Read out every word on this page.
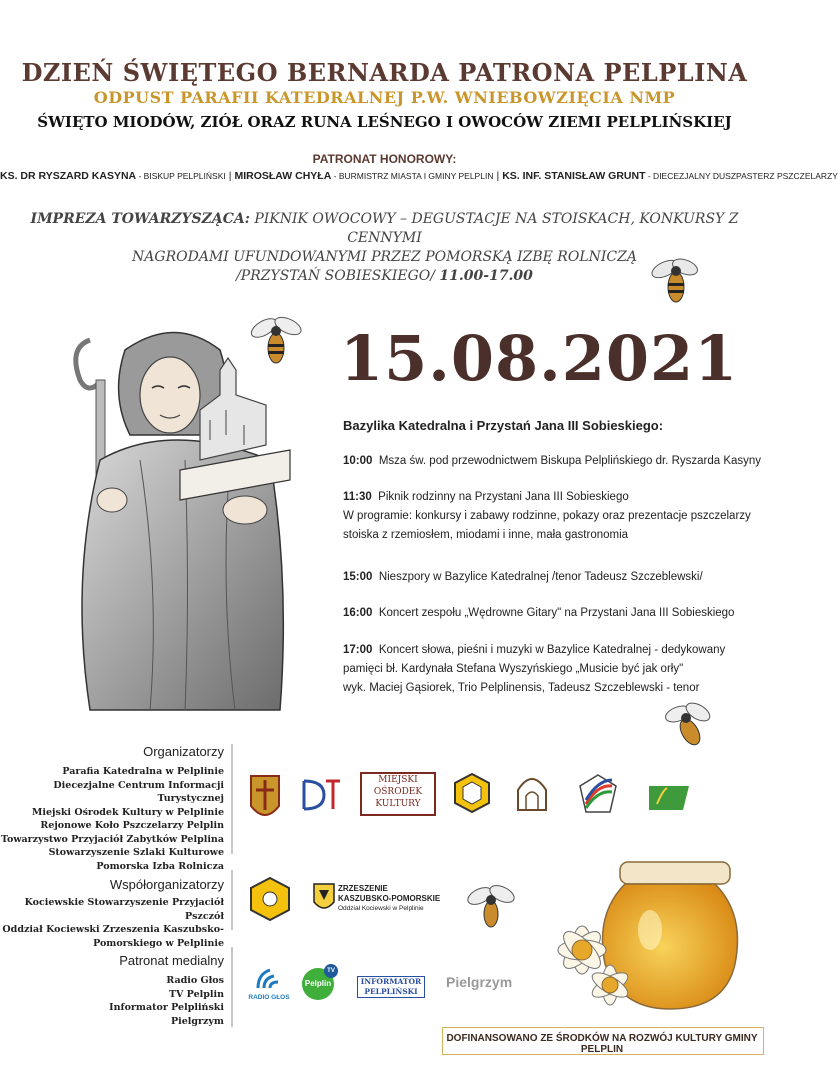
DZIEŃ ŚWIĘTEGO BERNARDA PATRONA PELPLINA
ODPUST PARAFII KATEDRALNEJ P.W. WNIEBOWZIĘCIA NMP
ŚWIĘTO MIODÓW, ZIÓŁ ORAZ RUNA LEŚNEGO I OWOCÓW ZIEMI PELPLIŃSKIEJ
PATRONAT HONOROWY:
KS. DR RYSZARD KASYNA - BISKUP PELPLIŃSKI | MIROSŁAW CHYŁA - BURMISTRZ MIASTA I GMINY PELPLIN | KS. INF. STANISŁAW GRUNT - DIECEZJALNY DUSZPASTERZ PSZCZELARZY
IMPREZA TOWARZYSZĄCA: PIKNIK OWOCOWY – DEGUSTACJE NA STOISKACH, KONKURSY Z CENNYMI
NAGRODAMI UFUNDOWANYMI PRZEZ POMORSKĄ IZBĘ ROLNICZĄ
/PRZYSTAŃ SOBIESKIEGO/ 11.00-17.00
15.08.2021
Bazylika Katedralna i Przystań Jana III Sobieskiego:
10:00 Msza św. pod przewodnictwem Biskupa Pelplińskiego dr. Ryszarda Kasyny
11:30 Piknik rodzinny na Przystani Jana III Sobieskiego
W programie: konkursy i zabawy rodzinne, pokazy oraz prezentacje pszczelarzy
stoiska z rzemiosłem, miodami i inne, mała gastronomia
15:00 Nieszpory w Bazylice Katedralnej /tenor Tadeusz Szczeblewski/
16:00 Koncert zespołu „Wędrowne Gitary" na Przystani Jana III Sobieskiego
17:00 Koncert słowa, pieśni i muzyki w Bazylice Katedralnej - dedykowany
pamięci bł. Kardynała Stefana Wyszyńskiego „Musicie być jak orły"
wyk. Maciej Gąsiorek, Trio Pelplinensis, Tadeusz Szczeblewski - tenor
Organizatorzy
Parafia Katedralna w Pelplinie
Diecezjalne Centrum Informacji Turystycznej
Miejski Ośrodek Kultury w Pelplinie
Rejonowe Koło Pszczelarzy Pelplin
Towarzystwo Przyjaciół Zabytków Pelplina
Stowarzyszenie Szlaki Kulturowe
Pomorska Izba Rolnicza
MIEJSKI
OŚRODEK
KULTURY
Współorganizatorzy
Kociewskie Stowarzyszenie Przyjaciół Pszczół
Oddział Kociewski Zrzeszenia Kaszubsko-
Pomorskiego w Pelplinie
ZRZESZENIE
KASZUBSKO-POMORSKIE
Oddział Kociewski w Pelplinie
Patronat medialny
Radio Głos
TV Pelplin
Informator Pelpliński
Pielgrzym
RADIO GŁOS
Pelplin
TV
INFORMATOR
PELPLIŃSKI
Pielgrzym
DOFINANSOWANO ZE ŚRODKÓW NA ROZWÓJ KULTURY GMINY PELPLIN
